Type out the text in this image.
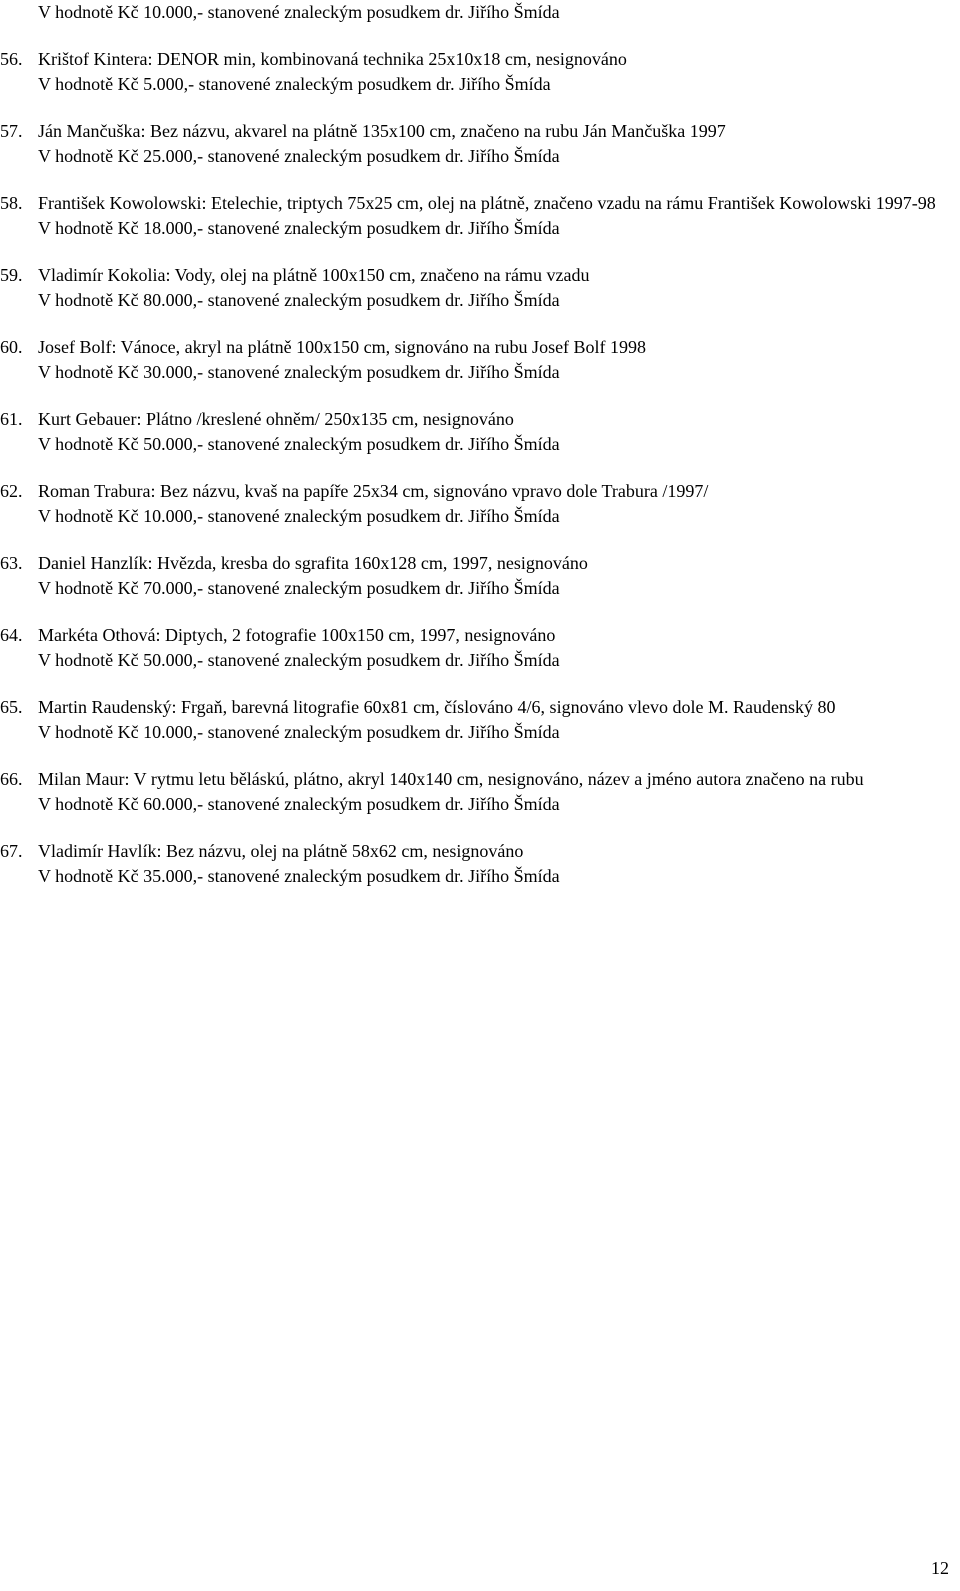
V hodnotě Kč 10.000,- stanovené znaleckým posudkem dr. Jiřího Šmída

56. Krištof Kintera: DENOR min, kombinovaná technika 25x10x18 cm, nesignováno
V hodnotě Kč 5.000,- stanovené znaleckým posudkem dr. Jiřího Šmída
57. Ján Mančuška: Bez názvu, akvarel na plátně 135x100 cm, značeno na rubu Ján Mančuška 1997
V hodnotě Kč 25.000,- stanovené znaleckým posudkem dr. Jiřího Šmída
58. František Kowolowski: Etelechie, triptych 75x25 cm, olej na plátně, značeno vzadu na rámu František Kowolowski 1997-98
V hodnotě Kč 18.000,- stanovené znaleckým posudkem dr. Jiřího Šmída
59. Vladimír Kokolia: Vody, olej na plátně 100x150 cm, značeno na rámu vzadu
V hodnotě Kč 80.000,- stanovené znaleckým posudkem dr. Jiřího Šmída
60. Josef Bolf: Vánoce, akryl na plátně 100x150 cm, signováno na rubu Josef Bolf 1998
V hodnotě Kč 30.000,- stanovené znaleckým posudkem dr. Jiřího Šmída
61. Kurt Gebauer: Plátno /kreslené ohněm/ 250x135 cm, nesignováno
V hodnotě Kč 50.000,- stanovené znaleckým posudkem dr. Jiřího Šmída
62. Roman Trabura: Bez názvu, kvaš na papíře 25x34 cm, signováno vpravo dole Trabura /1997/
V hodnotě Kč 10.000,- stanovené znaleckým posudkem dr. Jiřího Šmída
63. Daniel Hanzlík: Hvězda, kresba do sgrafita 160x128 cm, 1997, nesignováno
V hodnotě Kč 70.000,- stanovené znaleckým posudkem dr. Jiřího Šmída
64. Markéta Othová: Diptych, 2 fotografie 100x150 cm, 1997, nesignováno
V hodnotě Kč 50.000,- stanovené znaleckým posudkem dr. Jiřího Šmída
65. Martin Raudenský: Frgaň, barevná litografie 60x81 cm, číslováno 4/6, signováno vlevo dole M. Raudenský 80
V hodnotě Kč 10.000,- stanovené znaleckým posudkem dr. Jiřího Šmída
66. Milan Maur: V rytmu letu běláskú, plátno, akryl 140x140 cm, nesignováno, název a jméno autora značeno na rubu
V hodnotě Kč 60.000,- stanovené znaleckým posudkem dr. Jiřího Šmída
67. Vladimír Havlík: Bez názvu, olej na plátně 58x62 cm, nesignováno
V hodnotě Kč 35.000,- stanovené znaleckým posudkem dr. Jiřího Šmída
12
